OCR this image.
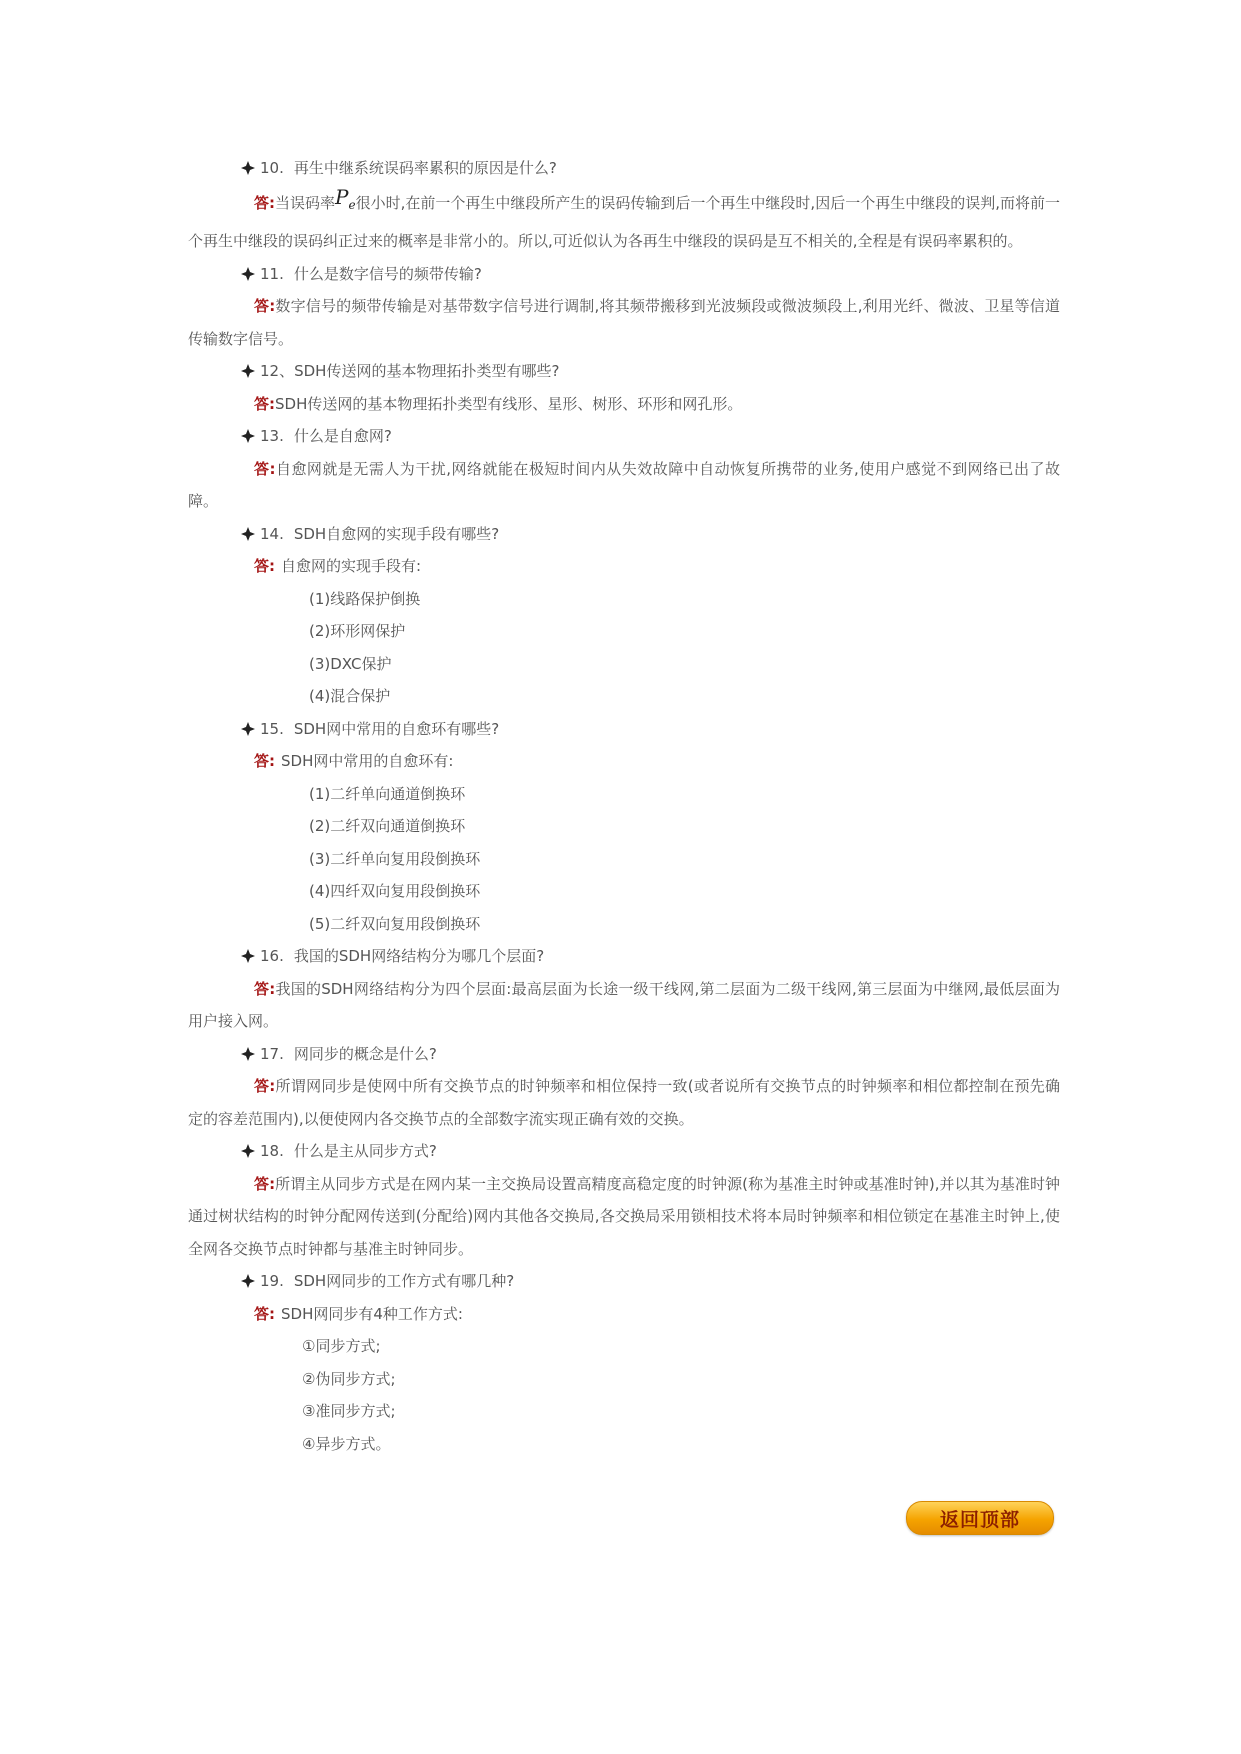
10. 再生中继系统误码率累积的原因是什么?
答:当误码率$P_e$很小时,在前一个再生中继段所产生的误码传输到后一个再生中继段时,因后一个再生中继段的误判,而将前一个再生中继段的误码纠正过来的概率是非常小的。所以,可近似认为各再生中继段的误码是互不相关的,全程是有误码率累积的。
11. 什么是数字信号的频带传输?
答:数字信号的频带传输是对基带数字信号进行调制,将其频带搬移到光波频段或微波频段上,利用光纤、微波、卫星等信道传输数字信号。
12、 SDH传送网的基本物理拓扑类型有哪些?
答:SDH传送网的基本物理拓扑类型有线形、星形、树形、环形和网孔形。
13. 什么是自愈网?
答:自愈网就是无需人为干扰,网络就能在极短时间内从失效故障中自动恢复所携带的业务,使用户感觉不到网络已出了故障。
14. SDH自愈网的实现手段有哪些?
答: 自愈网的实现手段有:
(1)线路保护倒换
(2)环形网保护
(3)DXC保护
(4)混合保护
15. SDH网中常用的自愈环有哪些?
答: SDH网中常用的自愈环有:
(1)二纤单向通道倒换环
(2)二纤双向通道倒换环
(3)二纤单向复用段倒换环
(4)四纤双向复用段倒换环
(5)二纤双向复用段倒换环
16. 我国的SDH网络结构分为哪几个层面?
答:我国的SDH网络结构分为四个层面:最高层面为长途一级干线网,第二层面为二级干线网,第三层面为中继网,最低层面为用户接入网。
17. 网同步的概念是什么?
答:所谓网同步是使网中所有交换节点的时钟频率和相位保持一致(或者说所有交换节点的时钟频率和相位都控制在预先确定的容差范围内),以便使网内各交换节点的全部数字流实现正确有效的交换。
18. 什么是主从同步方式?
答:所谓主从同步方式是在网内某一主交换局设置高精度高稳定度的时钟源(称为基准主时钟或基准时钟),并以其为基准时钟通过树状结构的时钟分配网传送到(分配给)网内其他各交换局,各交换局采用锁相技术将本局时钟频率和相位锁定在基准主时钟上,使全网各交换节点时钟都与基准主时钟同步。
19. SDH网同步的工作方式有哪几种?
答: SDH网同步有4种工作方式:
①同步方式;
②伪同步方式;
③准同步方式;
④异步方式。
返回顶部
